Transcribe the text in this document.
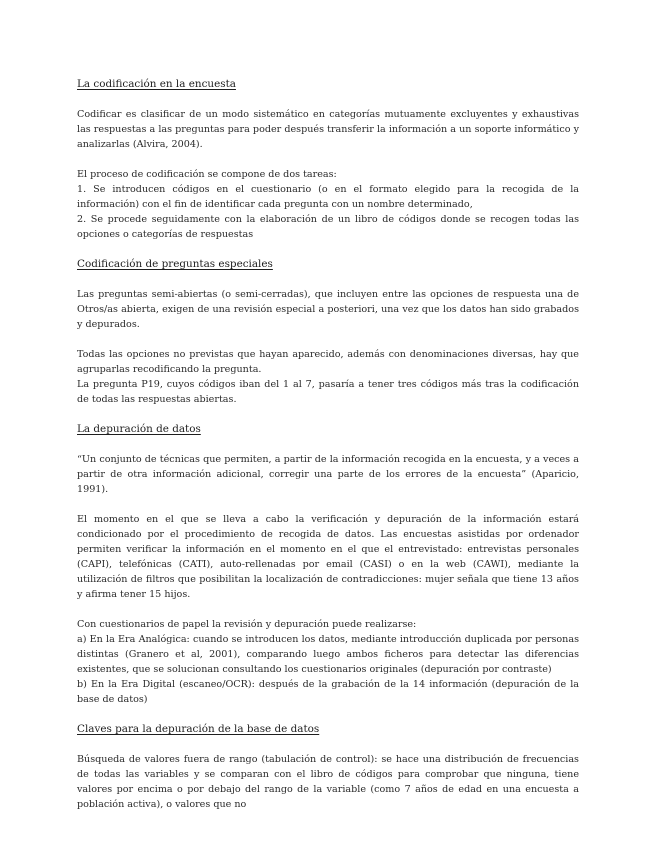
La codificación en la encuesta

Codificar es clasificar de un modo sistemático en categorías mutuamente excluyentes y exhaustivas las respuestas a las preguntas para poder después transferir la información a un soporte informático y analizarlas (Alvira, 2004).

El proceso de codificación se compone de dos tareas:

1. Se introducen códigos en el cuestionario (o en el formato elegido para la recogida de la información) con el fin de identificar cada pregunta con un nombre determinado,

2. Se procede seguidamente con la elaboración de un libro de códigos donde se recogen todas las opciones o categorías de respuestas

Codificación de preguntas especiales

Las preguntas semi-abiertas (o semi-cerradas), que incluyen entre las opciones de respuesta una de Otros/as abierta, exigen de una revisión especial a posteriori, una vez que los datos han sido grabados y depurados.

Todas las opciones no previstas que hayan aparecido, además con denominaciones diversas, hay que agruparlas recodificando la pregunta.

La pregunta P19, cuyos códigos iban del 1 al 7, pasaría a tener tres códigos más tras la codificación de todas las respuestas abiertas.

La depuración de datos

“Un conjunto de técnicas que permiten, a partir de la información recogida en la encuesta, y a veces a partir de otra información adicional, corregir una parte de los errores de la encuesta” (Aparicio, 1991).

El momento en el que se lleva a cabo la verificación y depuración de la información estará condicionado por el procedimiento de recogida de datos. Las encuestas asistidas por ordenador permiten verificar la información en el momento en el que el entrevistado: entrevistas personales (CAPI), telefónicas (CATI), auto-rellenadas por email (CASI) o en la web (CAWI), mediante la utilización de filtros que posibilitan la localización de contradicciones: mujer señala que tiene 13 años y afirma tener 15 hijos.

Con cuestionarios de papel la revisión y depuración puede realizarse:

a) En la Era Analógica: cuando se introducen los datos, mediante introducción duplicada por personas distintas (Granero et al, 2001), comparando luego ambos ficheros para detectar las diferencias existentes, que se solucionan consultando los cuestionarios originales (depuración por contraste)

b) En la Era Digital (escaneo/OCR): después de la grabación de la 14 información (depuración de la base de datos)

Claves para la depuración de la base de datos

Búsqueda de valores fuera de rango (tabulación de control): se hace una distribución de frecuencias de todas las variables y se comparan con el libro de códigos para comprobar que ninguna, tiene valores por encima o por debajo del rango de la variable (como 7 años de edad en una encuesta a población activa), o valores que no
